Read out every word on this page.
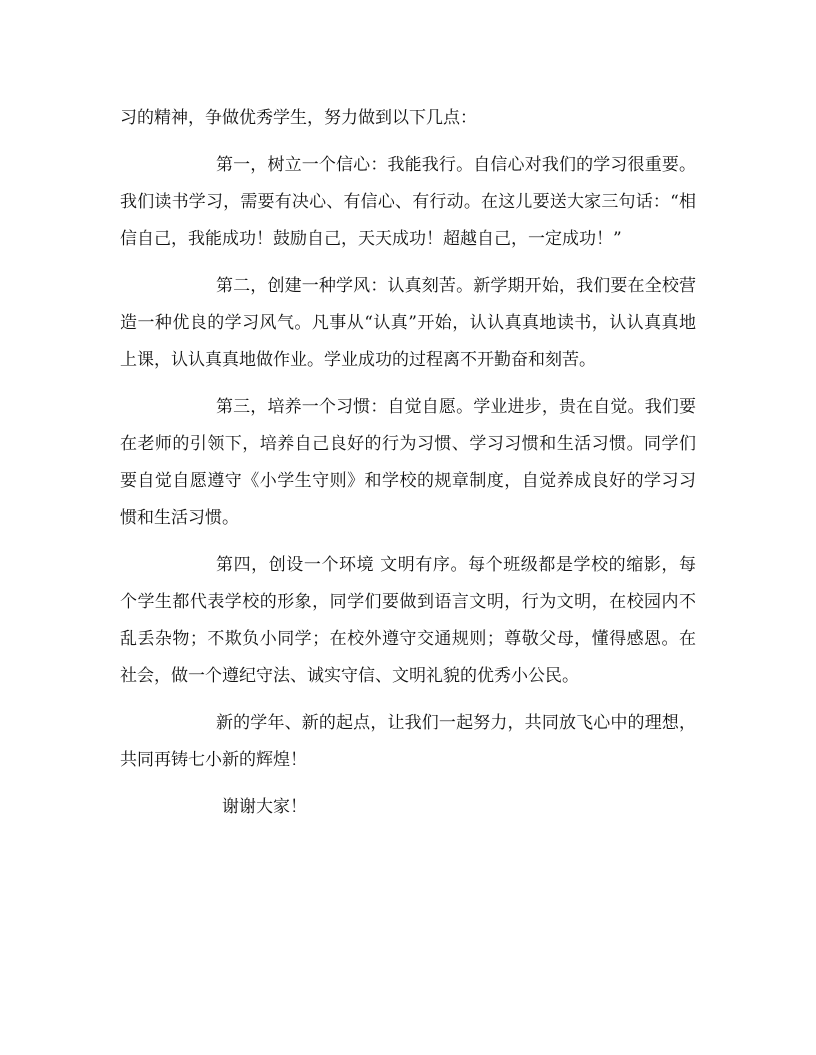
习的精神，争做优秀学生，努力做到以下几点：

第一，树立一个信心：我能我行。自信心对我们的学习很重要。我们读书学习，需要有决心、有信心、有行动。在这儿要送大家三句话：“相信自己，我能成功！鼓励自己，天天成功！超越自己，一定成功！”

第二，创建一种学风：认真刻苦。新学期开始，我们要在全校营造一种优良的学习风气。凡事从“认真”开始，认认真真地读书，认认真真地上课，认认真真地做作业。学业成功的过程离不开勤奋和刻苦。

第三，培养一个习惯：自觉自愿。学业进步，贵在自觉。我们要在老师的引领下，培养自己良好的行为习惯、学习习惯和生活习惯。同学们要自觉自愿遵守《小学生守则》和学校的规章制度，自觉养成良好的学习习惯和生活习惯。

第四，创设一个环境 文明有序。每个班级都是学校的缩影，每个学生都代表学校的形象，同学们要做到语言文明，行为文明，在校园内不乱丢杂物；不欺负小同学；在校外遵守交通规则；尊敬父母，懂得感恩。在社会，做一个遵纪守法、诚实守信、文明礼貌的优秀小公民。

新的学年、新的起点，让我们一起努力，共同放飞心中的理想，共同再铸七小新的辉煌！

谢谢大家！
